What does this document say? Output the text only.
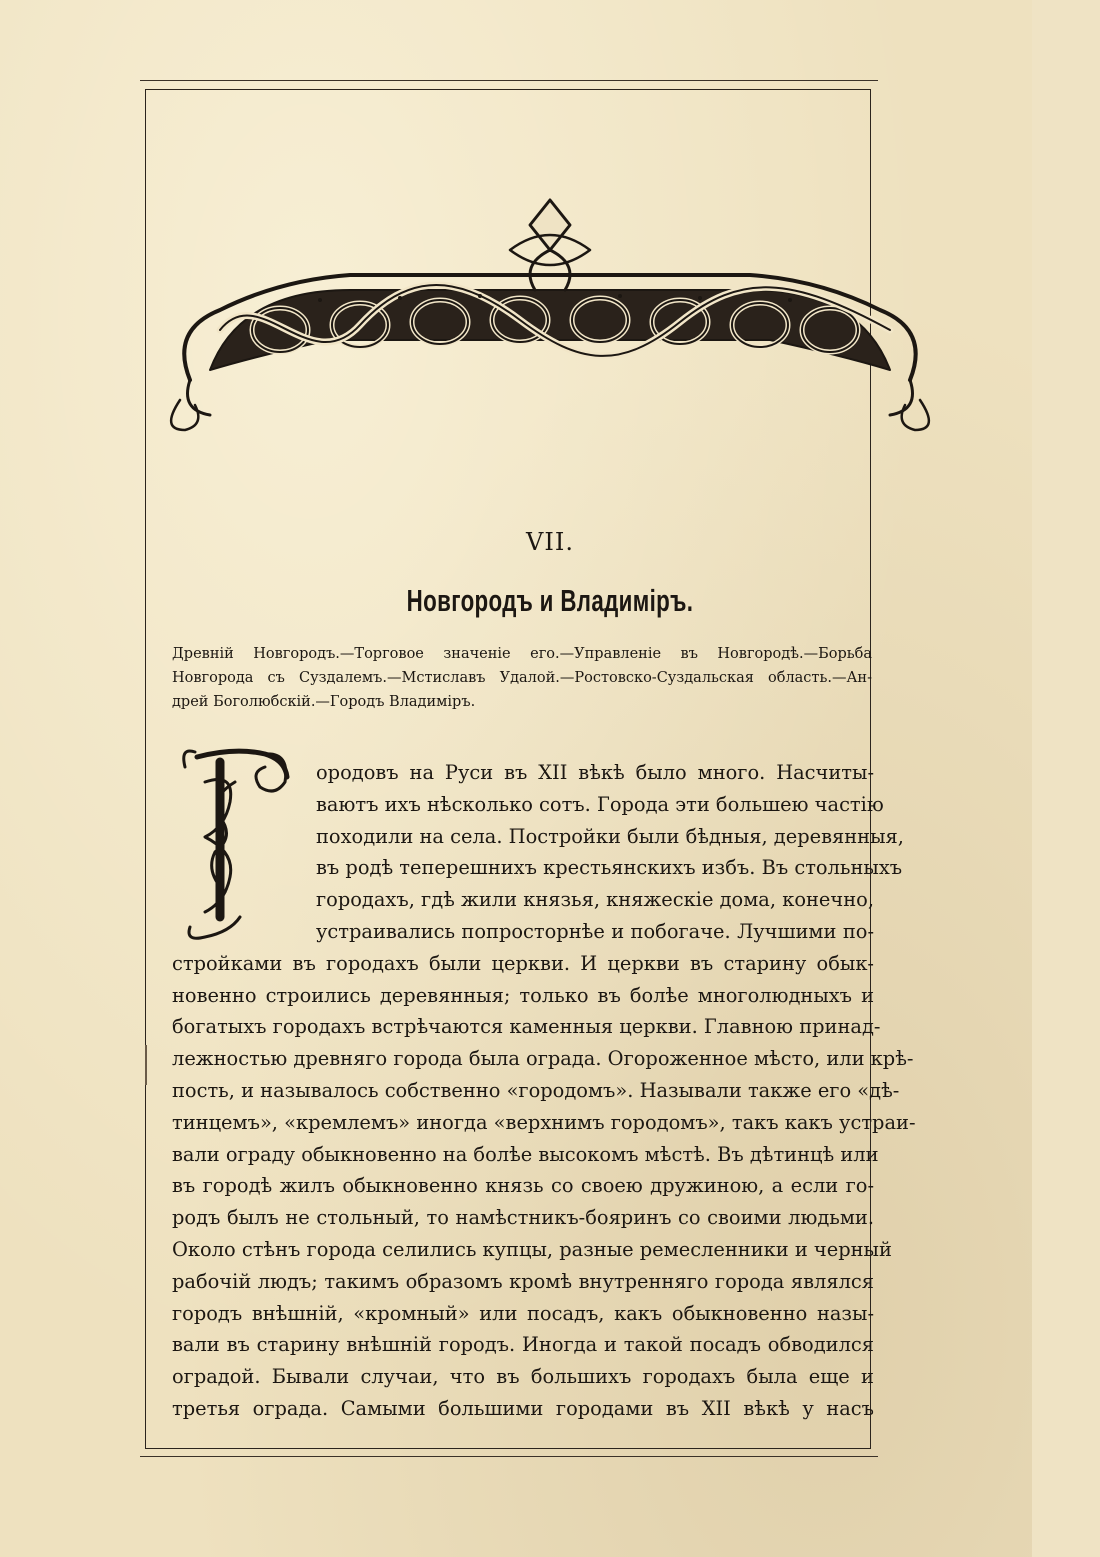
VII.
Новгородъ и Владиміръ.
Древній Новгородъ.—Торговое значеніе его.—Управленіе въ Новгородѣ.—Борьба
Новгорода съ Суздалемъ.—Мстиславъ Удалой.—Ростовско-Суздальская область.—Ан-
дрей Боголюбскій.—Городъ Владиміръ.
Г
ородовъ на Руси въ XII вѣкѣ было много. Насчиты-
ваютъ ихъ нѣсколько сотъ. Города эти большею частію
походили на села. Постройки были бѣдныя, деревянныя,
въ родѣ теперешнихъ крестьянскихъ избъ. Въ стольныхъ
городахъ, гдѣ жили князья, княжескіе дома, конечно,
устраивались попросторнѣе и побогаче. Лучшими по-
стройками въ городахъ были церкви. И церкви въ старину обык-
новенно строились деревянныя; только въ болѣе многолюдныхъ и
богатыхъ городахъ встрѣчаются каменныя церкви. Главною принад-
лежностью древняго города была ограда. Огороженное мѣсто, или крѣ-
пость, и называлось собственно «городомъ». Называли также его «дѣ-
тинцемъ», «кремлемъ» иногда «верхнимъ городомъ», такъ какъ устраи-
вали ограду обыкновенно на болѣе высокомъ мѣстѣ. Въ дѣтинцѣ или
въ городѣ жилъ обыкновенно князь со своею дружиною, а если го-
родъ былъ не стольный, то намѣстникъ-бояринъ со своими людьми.
Около стѣнъ города селились купцы, разные ремесленники и черный
рабочій людъ; такимъ образомъ кромѣ внутренняго города являлся
городъ внѣшній, «кромный» или посадъ, какъ обыкновенно назы-
вали въ старину внѣшній городъ. Иногда и такой посадъ обводился
оградой. Бывали случаи, что въ большихъ городахъ была еще и
третья ограда. Самыми большими городами въ XII вѣкѣ у насъ
